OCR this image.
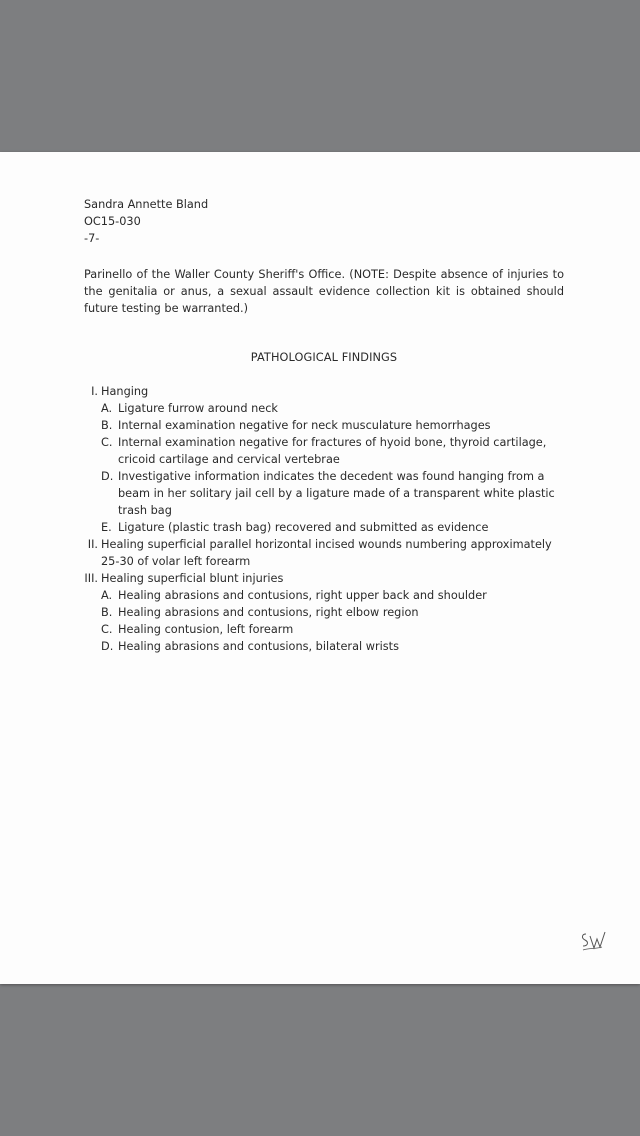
Sandra Annette Bland
OC15-030
-7-
Parinello of the Waller County Sheriff's Office. (NOTE: Despite absence of injuries to the genitalia or anus, a sexual assault evidence collection kit is obtained should future testing be warranted.)
PATHOLOGICAL FINDINGS
I. Hanging
A. Ligature furrow around neck
B. Internal examination negative for neck musculature hemorrhages
C. Internal examination negative for fractures of hyoid bone, thyroid cartilage, cricoid cartilage and cervical vertebrae
D. Investigative information indicates the decedent was found hanging from a beam in her solitary jail cell by a ligature made of a transparent white plastic trash bag
E. Ligature (plastic trash bag) recovered and submitted as evidence
II. Healing superficial parallel horizontal incised wounds numbering approximately 25-30 of volar left forearm
III. Healing superficial blunt injuries
A. Healing abrasions and contusions, right upper back and shoulder
B. Healing abrasions and contusions, right elbow region
C. Healing contusion, left forearm
D. Healing abrasions and contusions, bilateral wrists
